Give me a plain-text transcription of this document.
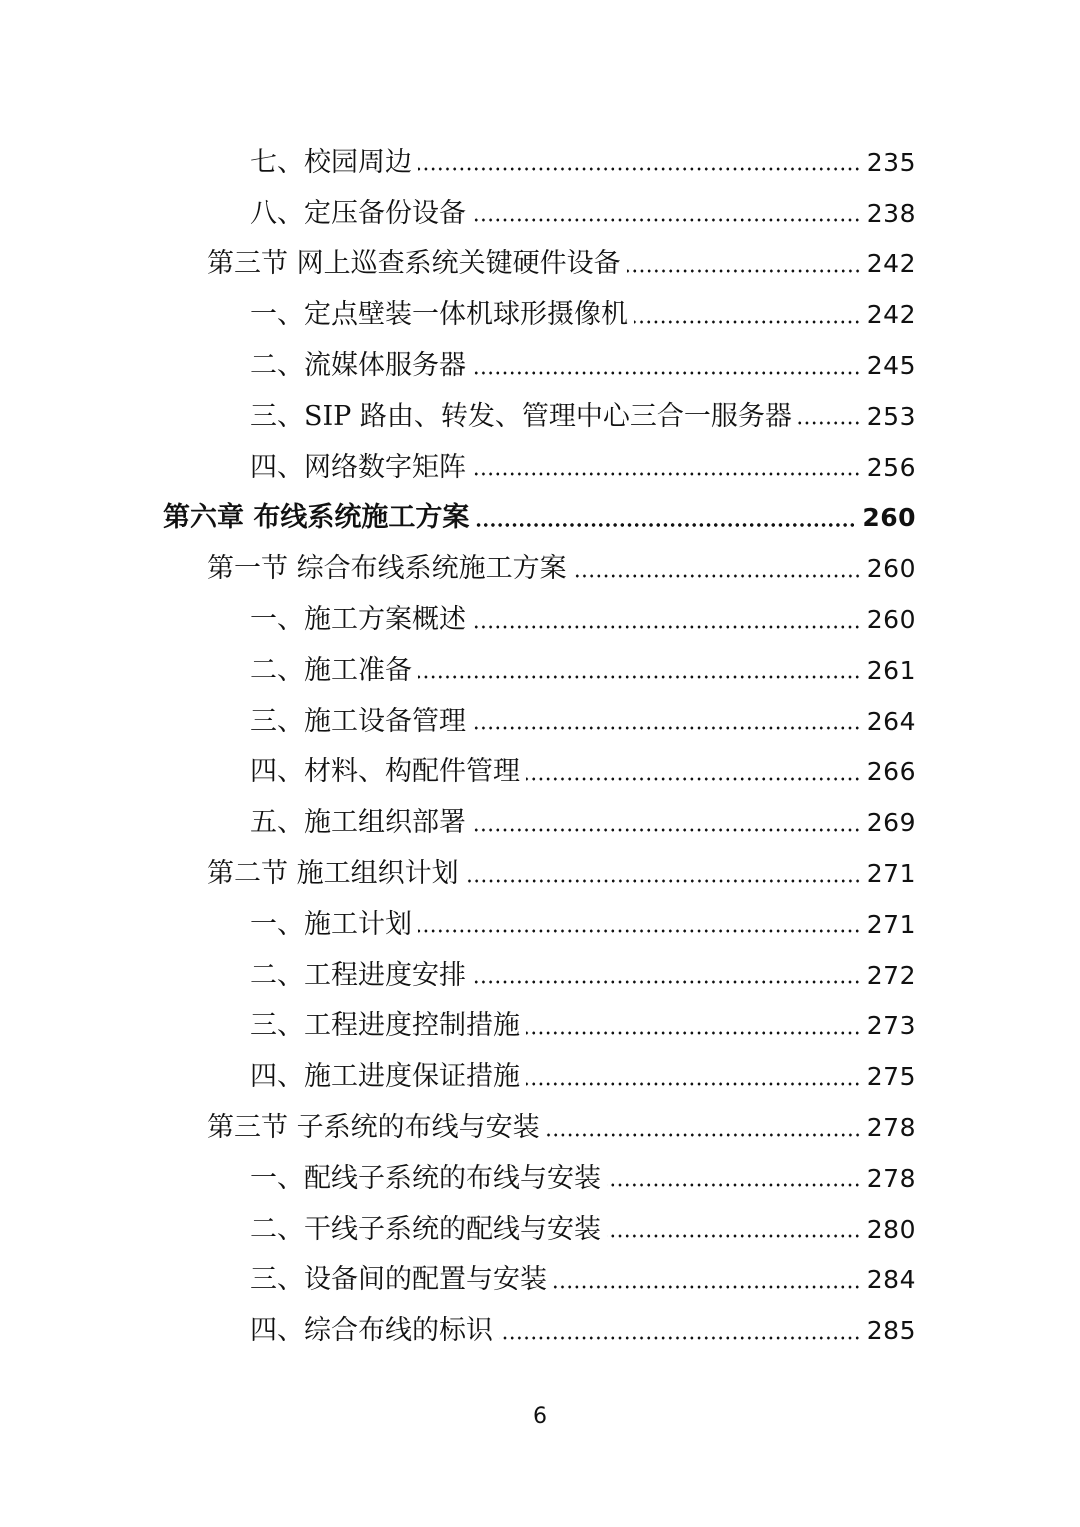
七、校园周边	235
八、定压备份设备	238
第三节 网上巡查系统关键硬件设备	242
一、定点壁装一体机球形摄像机	242
二、流媒体服务器	245
三、SIP 路由、转发、管理中心三合一服务器	253
四、网络数字矩阵	256
第六章 布线系统施工方案	260
第一节 综合布线系统施工方案	260
一、施工方案概述	260
二、施工准备	261
三、施工设备管理	264
四、材料、构配件管理	266
五、施工组织部署	269
第二节 施工组织计划	271
一、施工计划	271
二、工程进度安排	272
三、工程进度控制措施	273
四、施工进度保证措施	275
第三节 子系统的布线与安装	278
一、配线子系统的布线与安装	278
二、干线子系统的配线与安装	280
三、设备间的配置与安装	284
四、综合布线的标识	285
6
